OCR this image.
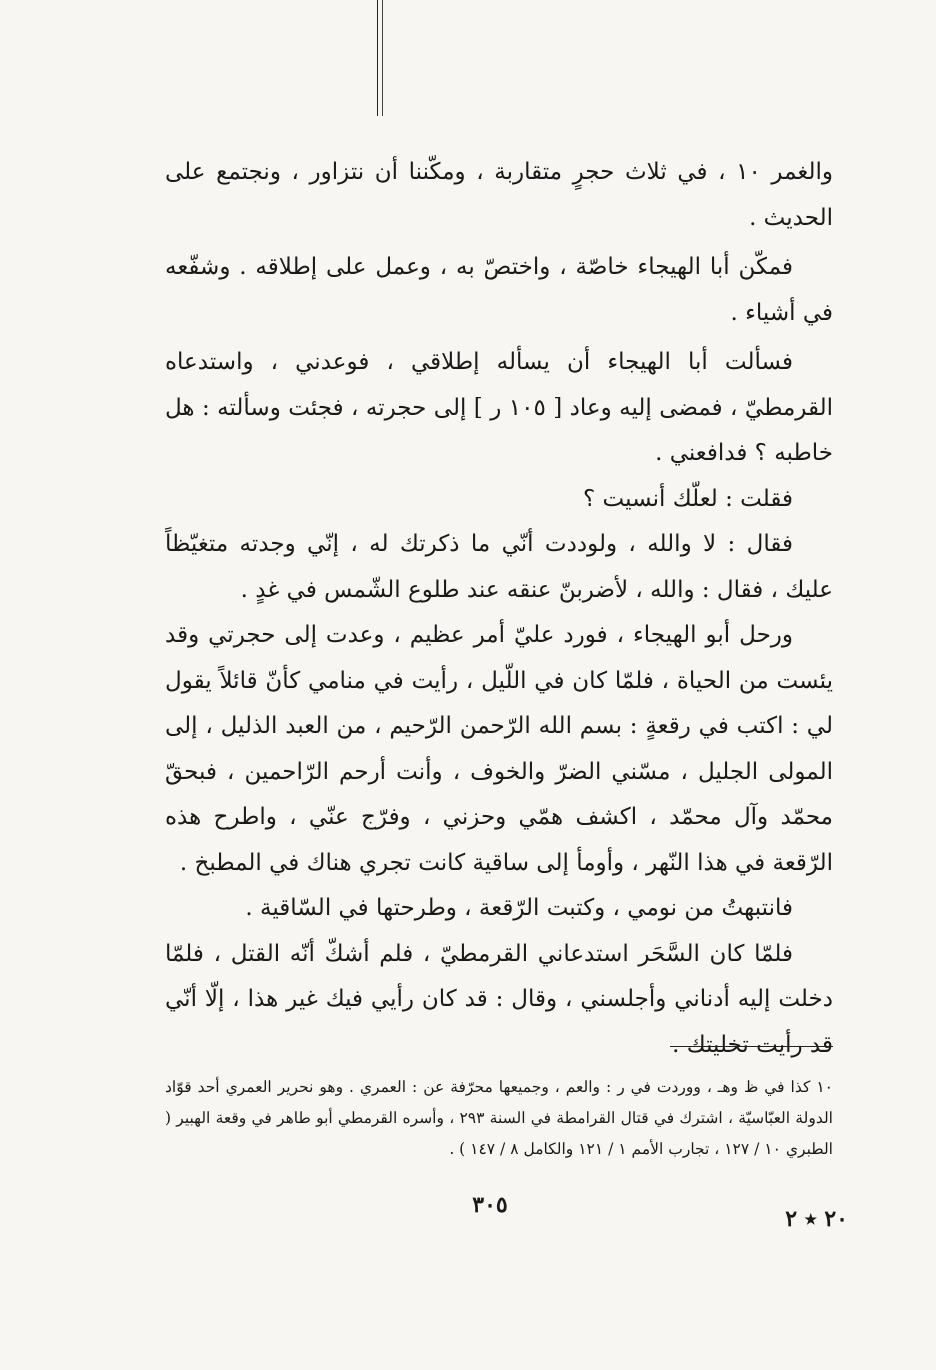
والغمر ١٠ ، في ثلاث حجرٍ متقاربة ، ومكّننا أن نتزاور ، ونجتمع على الحديث .

فمكّن أبا الهيجاء خاصّة ، واختصّ به ، وعمل على إطلاقه . وشفّعه في أشياء .

فسألت أبا الهيجاء أن يسأله إطلاقي ، فوعدني ، واستدعاه القرمطيّ ، فمضى إليه وعاد [ ١٠٥ ر ] إلى حجرته ، فجئت وسألته : هل خاطبه ؟ فدافعني .

فقلت : لعلّك أنسيت ؟

فقال : لا والله ، ولوددت أنّي ما ذكرتك له ، إنّي وجدته متغيّظاً عليك ، فقال : والله ، لأضربنّ عنقه عند طلوع الشّمس في غدٍ .

ورحل أبو الهيجاء ، فورد عليّ أمر عظيم ، وعدت إلى حجرتي وقد يئست من الحياة ، فلمّا كان في اللّيل ، رأيت في منامي كأنّ قائلاً يقول لي : اكتب في رقعةٍ : بسم الله الرّحمن الرّحيم ، من العبد الذليل ، إلى المولى الجليل ، مسّني الضرّ والخوف ، وأنت أرحم الرّاحمين ، فبحقّ محمّد وآل محمّد ، اكشف همّي وحزني ، وفرّج عنّي ، واطرح هذه الرّقعة في هذا النّهر ، وأومأ إلى ساقية كانت تجري هناك في المطبخ .

فانتبهتُ من نومي ، وكتبت الرّقعة ، وطرحتها في السّاقية .

فلمّا كان السَّحَر استدعاني القرمطيّ ، فلم أشكّ أنّه القتل ، فلمّا دخلت إليه أدناني وأجلسني ، وقال : قد كان رأيي فيك غير هذا ، إلّا أنّي قد رأيت تخليتك .

١٠ كذا في ظ وهـ ، ووردت في ر : والعم ، وجميعها محرّفة عن : العمري . وهو نحرير العمري أحد قوّاد الدولة العبّاسيّة ، اشترك في قتال القرامطة في السنة ٢٩٣ ، وأسره القرمطي أبو طاهر في وقعة الهبير ( الطبري ١٠ / ١٢٧ ، تجارب الأمم ١ / ١٢١ والكامل ٨ / ١٤٧ ) .

٣٠٥
٢٠ ٭ ٢
